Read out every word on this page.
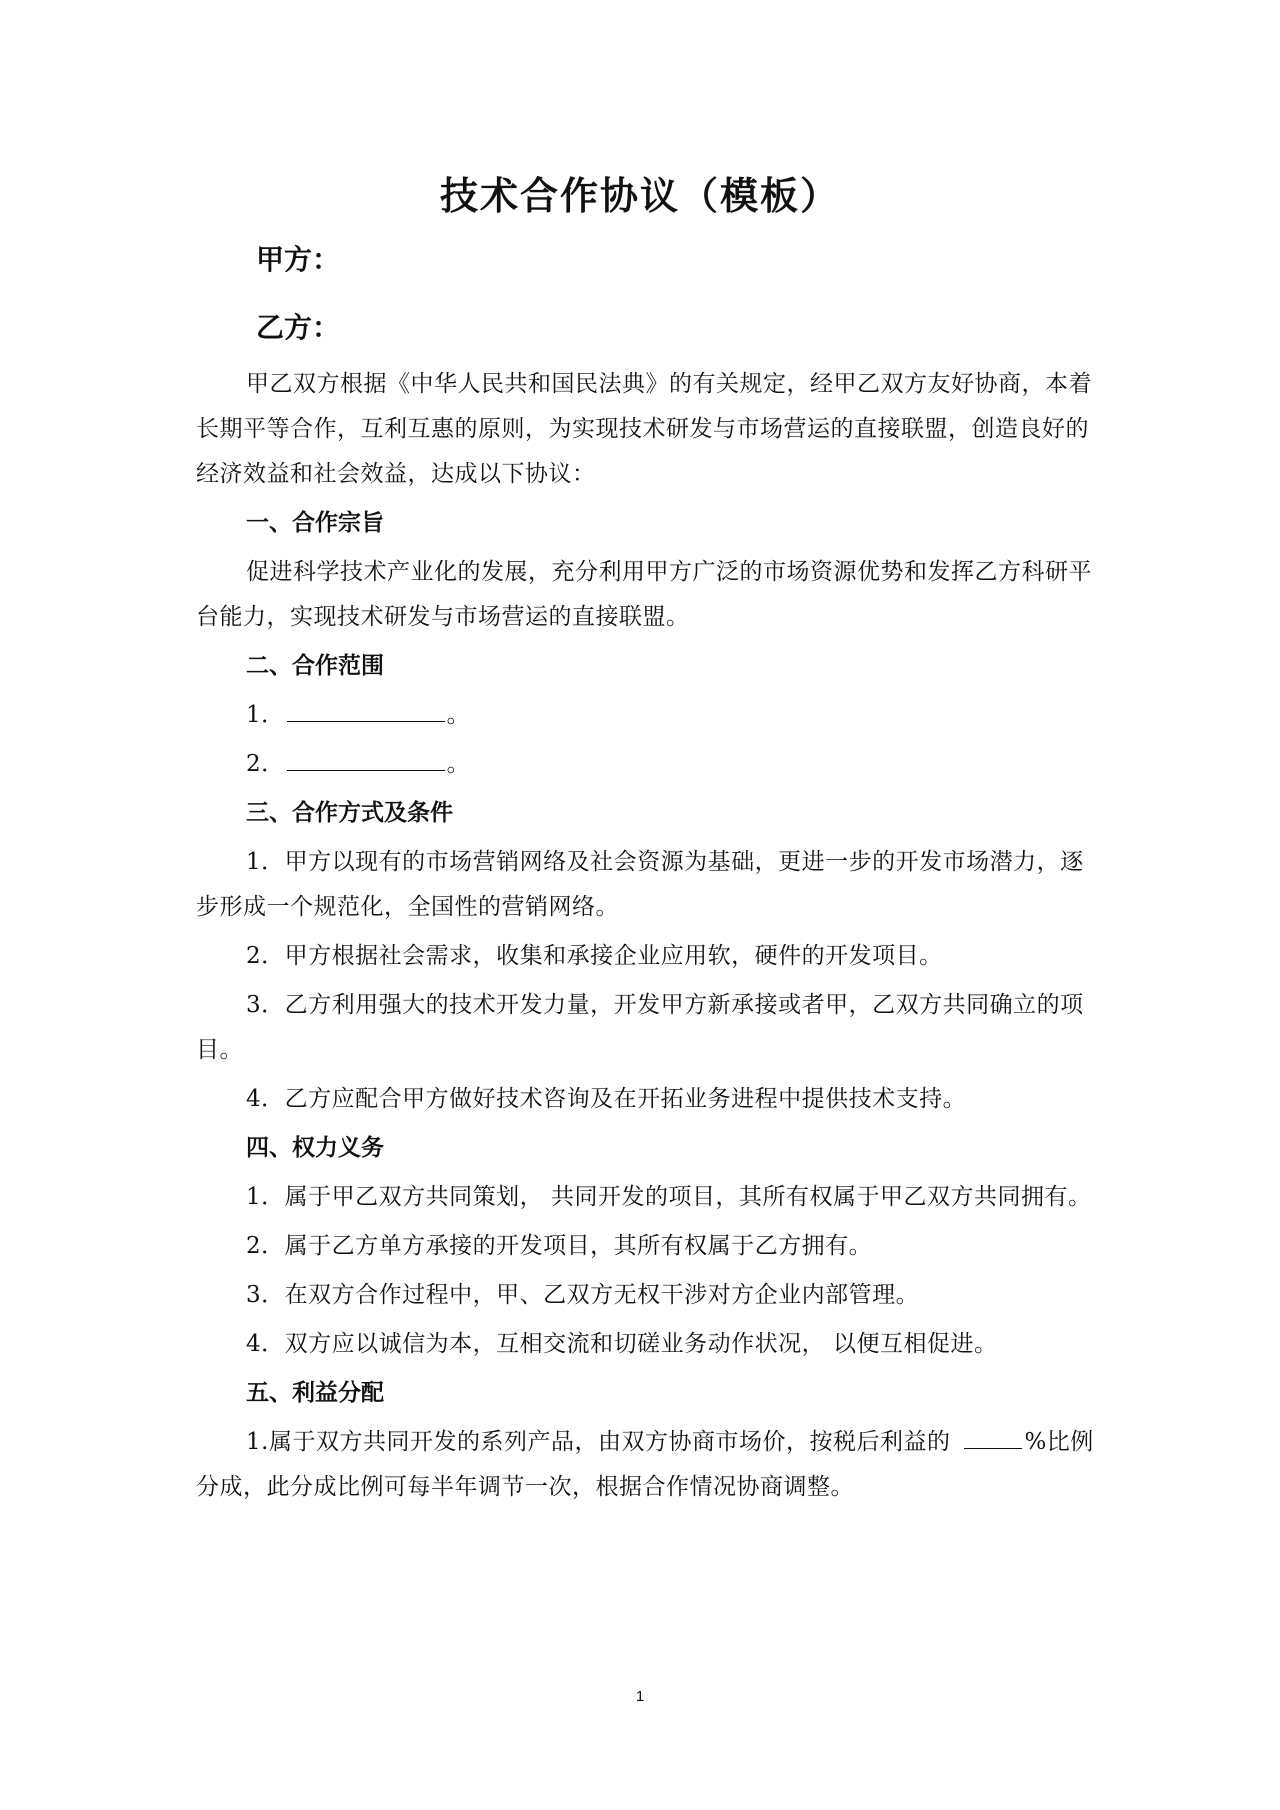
技术合作协议（模板）
甲方：
乙方：

甲乙双方根据《中华人民共和国民法典》的有关规定，经甲乙双方友好协商，本着长期平等合作，互利互惠的原则，为实现技术研发与市场营运的直接联盟，创造良好的经济效益和社会效益，达成以下协议：

一、合作宗旨

促进科学技术产业化的发展，充分利用甲方广泛的市场资源优势和发挥乙方科研平台能力，实现技术研发与市场营运的直接联盟。

二、合作范围
1．	。
2．	。
三、合作方式及条件

1．甲方以现有的市场营销网络及社会资源为基础，更进一步的开发市场潜力，逐步形成一个规范化，全国性的营销网络。

2．甲方根据社会需求，收集和承接企业应用软，硬件的开发项目。

3．乙方利用强大的技术开发力量，开发甲方新承接或者甲，乙双方共同确立的项目。

4．乙方应配合甲方做好技术咨询及在开拓业务进程中提供技术支持。

四、权力义务

1．属于甲乙双方共同策划， 共同开发的项目，其所有权属于甲乙双方共同拥有。

2．属于乙方单方承接的开发项目，其所有权属于乙方拥有。

3．在双方合作过程中，甲、乙双方无权干涉对方企业内部管理。

4．双方应以诚信为本，互相交流和切磋业务动作状况， 以便互相促进。

五、利益分配

1.属于双方共同开发的系列产品，由双方协商市场价，按税后利益的	%比例分成，此分成比例可每半年调节一次，根据合作情况协商调整。

1
